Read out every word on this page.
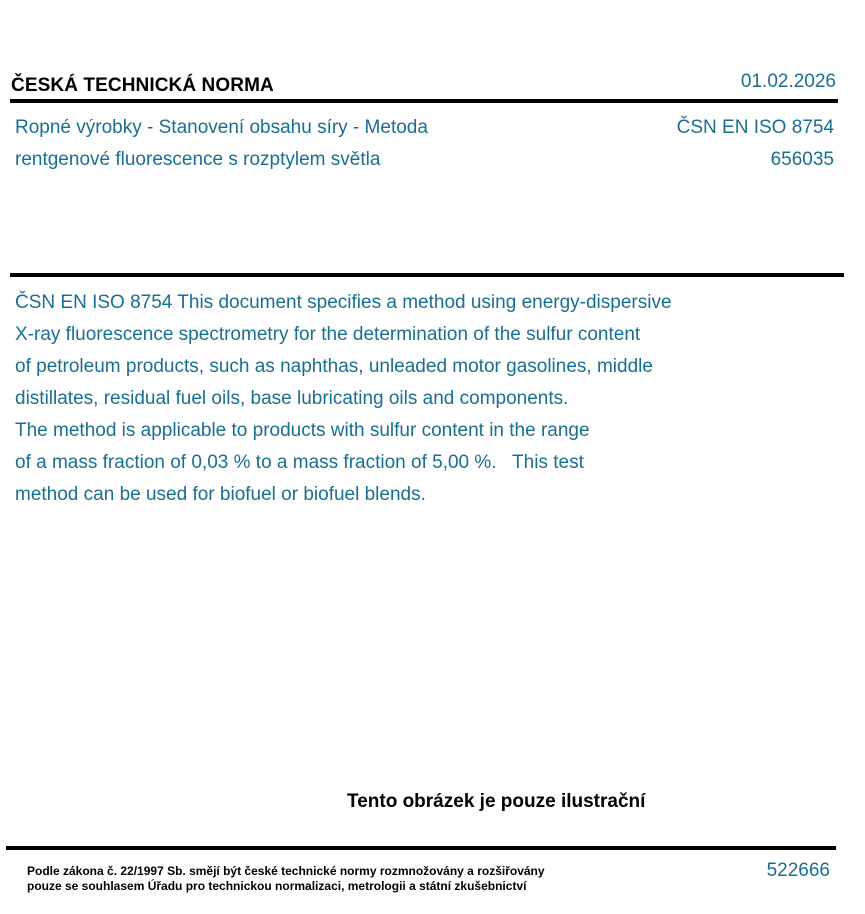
ČESKÁ TECHNICKÁ NORMA	01.02.2026
Ropné výrobky - Stanovení obsahu síry - Metoda
rentgenové fluorescence s rozptylem světla
ČSN EN ISO 8754
656035
ČSN EN ISO 8754 This document specifies a method using energy-dispersive
X-ray fluorescence spectrometry for the determination of the sulfur content
of petroleum products, such as naphthas, unleaded motor gasolines, middle
distillates, residual fuel oils, base lubricating oils and components.
The method is applicable to products with sulfur content in the range
of a mass fraction of 0,03 % to a mass fraction of 5,00 %.   This test
method can be used for biofuel or biofuel blends.
Tento obrázek je pouze ilustrační
Podle zákona č. 22/1997 Sb. smějí být české technické normy rozmnožovány a rozšiřovány
pouze se souhlasem Úřadu pro technickou normalizaci, metrologii a státní zkušebnictví
522666
